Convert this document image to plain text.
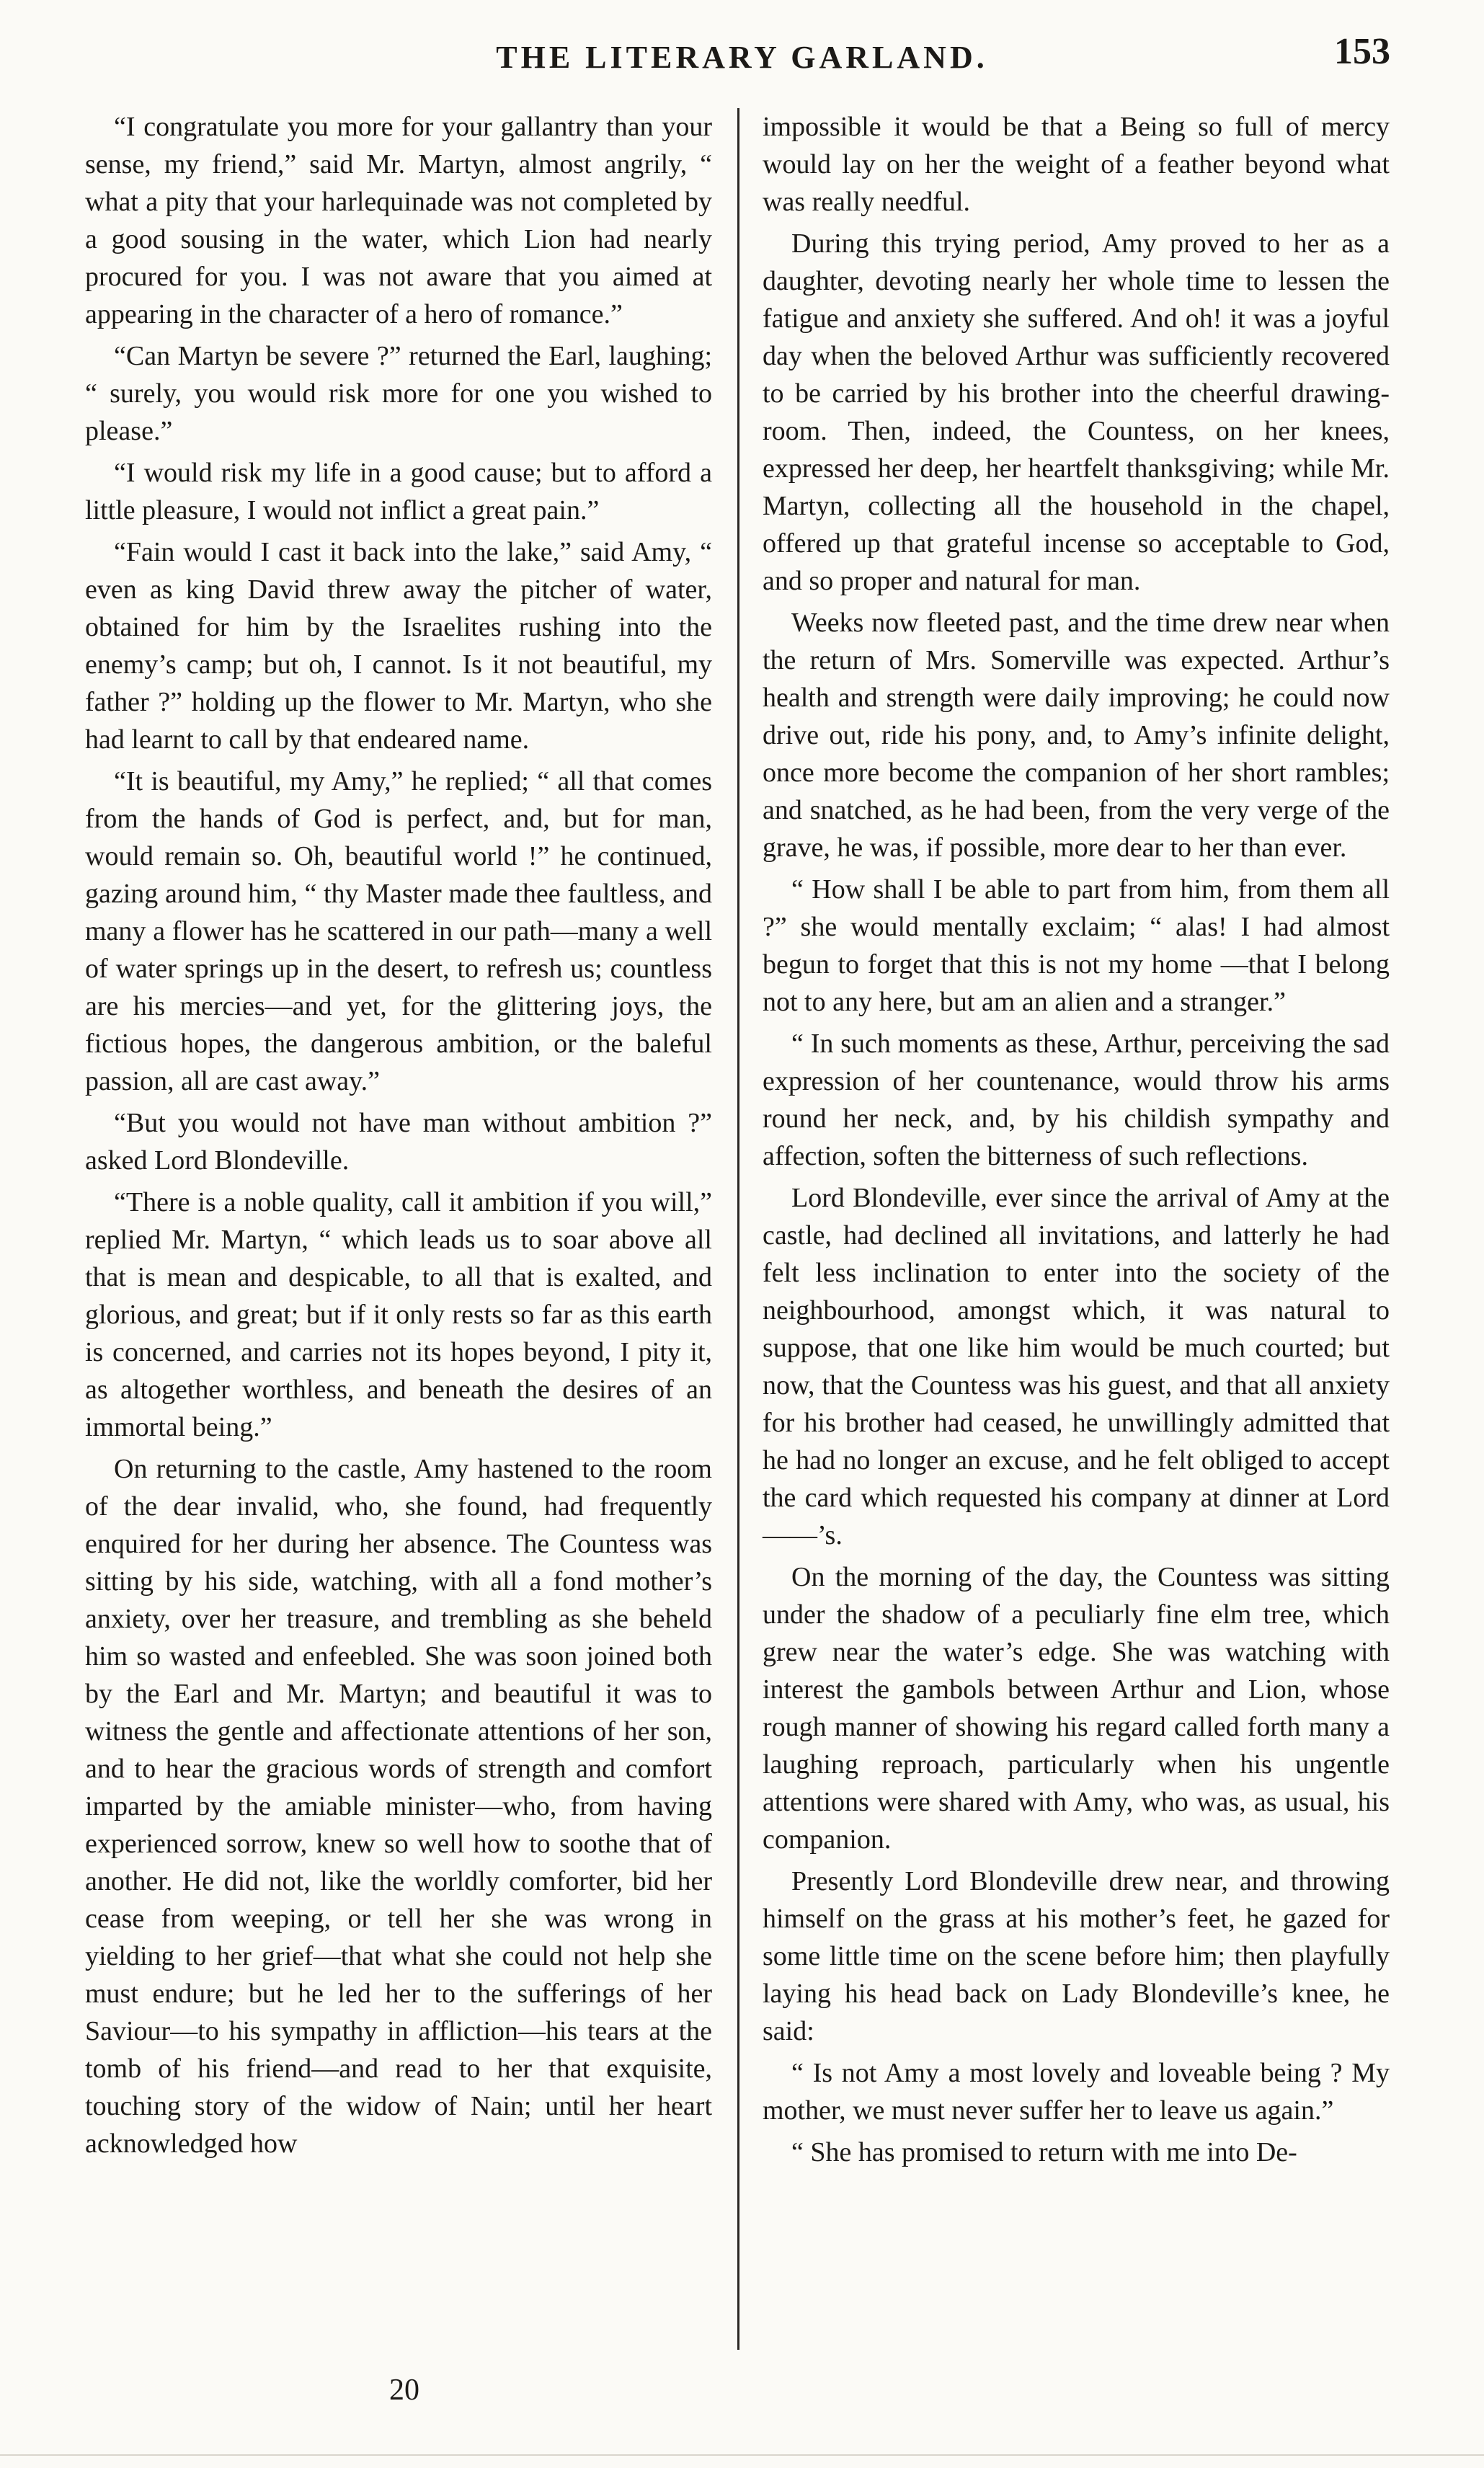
THE LITERARY GARLAND.	153

“I congratulate you more for your gallantry than your sense, my friend,” said Mr. Martyn, almost angrily, “ what a pity that your harlequinade was not completed by a good sousing in the water, which Lion had nearly procured for you. I was not aware that you aimed at appearing in the character of a hero of romance.”

“Can Martyn be severe ?” returned the Earl, laughing; “ surely, you would risk more for one you wished to please.”

“I would risk my life in a good cause; but to afford a little pleasure, I would not inflict a great pain.”

“Fain would I cast it back into the lake,” said Amy, “ even as king David threw away the pitcher of water, obtained for him by the Israelites rushing into the enemy’s camp; but oh, I cannot. Is it not beautiful, my father ?” holding up the flower to Mr. Martyn, who she had learnt to call by that endeared name.

“It is beautiful, my Amy,” he replied; “ all that comes from the hands of God is perfect, and, but for man, would remain so. Oh, beautiful world !” he continued, gazing around him, “ thy Master made thee faultless, and many a flower has he scattered in our path—many a well of water springs up in the desert, to refresh us; countless are his mercies—and yet, for the glittering joys, the fictious hopes, the dangerous ambition, or the baleful passion, all are cast away.”

“But you would not have man without ambition ?” asked Lord Blondeville.

“There is a noble quality, call it ambition if you will,” replied Mr. Martyn, “ which leads us to soar above all that is mean and despicable, to all that is exalted, and glorious, and great; but if it only rests so far as this earth is concerned, and carries not its hopes beyond, I pity it, as altogether worthless, and beneath the desires of an immortal being.”

On returning to the castle, Amy hastened to the room of the dear invalid, who, she found, had frequently enquired for her during her absence. The Countess was sitting by his side, watching, with all a fond mother’s anxiety, over her treasure, and trembling as she beheld him so wasted and enfeebled. She was soon joined both by the Earl and Mr. Martyn; and beautiful it was to witness the gentle and affectionate attentions of her son, and to hear the gracious words of strength and comfort imparted by the amiable minister—who, from having experienced sorrow, knew so well how to soothe that of another. He did not, like the worldly comforter, bid her cease from weeping, or tell her she was wrong in yielding to her grief—that what she could not help she must endure; but he led her to the sufferings of her Saviour—to his sympathy in affliction—his tears at the tomb of his friend—and read to her that exquisite, touching story of the widow of Nain; until her heart acknowledged how

impossible it would be that a Being so full of mercy would lay on her the weight of a feather beyond what was really needful.

During this trying period, Amy proved to her as a daughter, devoting nearly her whole time to lessen the fatigue and anxiety she suffered. And oh! it was a joyful day when the beloved Arthur was sufficiently recovered to be carried by his brother into the cheerful drawing-room. Then, indeed, the Countess, on her knees, expressed her deep, her heartfelt thanksgiving; while Mr. Martyn, collecting all the household in the chapel, offered up that grateful incense so acceptable to God, and so proper and natural for man.

Weeks now fleeted past, and the time drew near when the return of Mrs. Somerville was expected. Arthur’s health and strength were daily improving; he could now drive out, ride his pony, and, to Amy’s infinite delight, once more become the companion of her short rambles; and snatched, as he had been, from the very verge of the grave, he was, if possible, more dear to her than ever.

“ How shall I be able to part from him, from them all ?” she would mentally exclaim; “ alas! I had almost begun to forget that this is not my home —that I belong not to any here, but am an alien and a stranger.”

“ In such moments as these, Arthur, perceiving the sad expression of her countenance, would throw his arms round her neck, and, by his childish sympathy and affection, soften the bitterness of such reflections.

Lord Blondeville, ever since the arrival of Amy at the castle, had declined all invitations, and latterly he had felt less inclination to enter into the society of the neighbourhood, amongst which, it was natural to suppose, that one like him would be much courted; but now, that the Countess was his guest, and that all anxiety for his brother had ceased, he unwillingly admitted that he had no longer an excuse, and he felt obliged to accept the card which requested his company at dinner at Lord ——’s.

On the morning of the day, the Countess was sitting under the shadow of a peculiarly fine elm tree, which grew near the water’s edge. She was watching with interest the gambols between Arthur and Lion, whose rough manner of showing his regard called forth many a laughing reproach, particularly when his ungentle attentions were shared with Amy, who was, as usual, his companion.

Presently Lord Blondeville drew near, and throwing himself on the grass at his mother’s feet, he gazed for some little time on the scene before him; then playfully laying his head back on Lady Blondeville’s knee, he said:

“ Is not Amy a most lovely and loveable being ? My mother, we must never suffer her to leave us again.”

“ She has promised to return with me into De-

20
